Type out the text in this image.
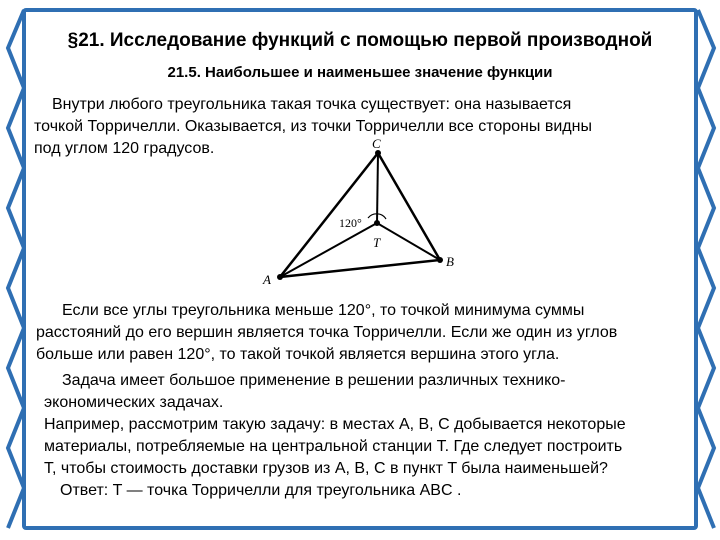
§21. Исследование функций с помощью первой производной
21.5. Наибольшее и наименьшее значение функции
Внутри любого треугольника такая точка существует: она называется
точкой Торричелли. Оказывается, из точки Торричелли все стороны видны
под углом 120 градусов.
A
B
C
T
120°
Если все углы треугольника меньше 120°, то точкой минимума суммы
расстояний до его вершин является точка Торричелли. Если же один из углов
больше или равен 120°, то такой точкой является вершина этого угла.
Задача имеет большое применение в решении различных технико-
экономических задачах.
Например, рассмотрим такую задачу: в местах A, B, C добывается некоторые
материалы, потребляемые на центральной станции T. Где следует построить
T, чтобы стоимость доставки грузов из A, B, C в пункт T была наименьшей?
Ответ: T — точка Торричелли для треугольника ABC .
